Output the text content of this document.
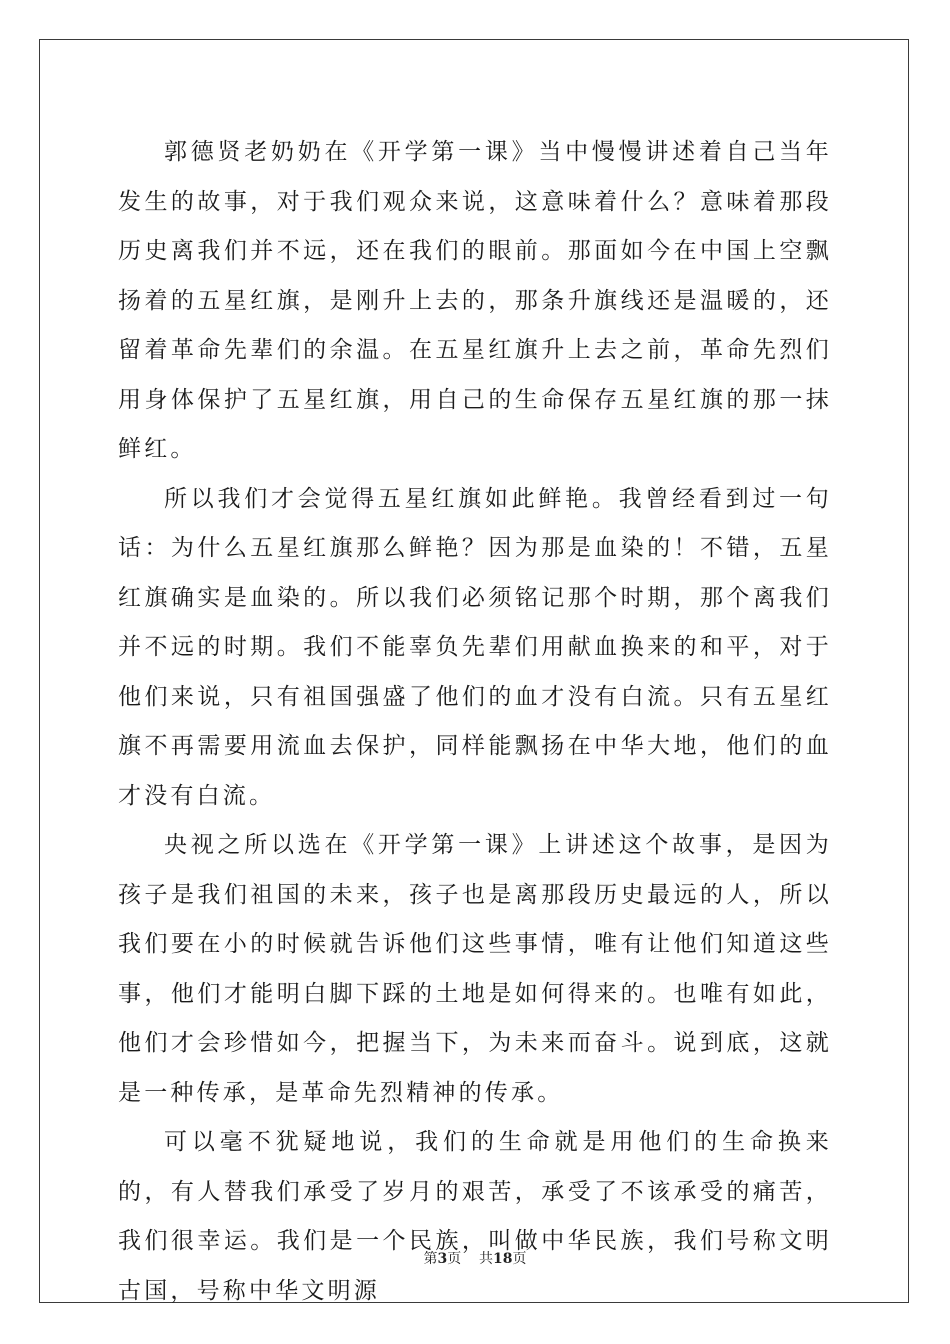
郭德贤老奶奶在《开学第一课》当中慢慢讲述着自己当年发生的故事，对于我们观众来说，这意味着什么？意味着那段历史离我们并不远，还在我们的眼前。那面如今在中国上空飘扬着的五星红旗，是刚升上去的，那条升旗线还是温暖的，还留着革命先辈们的余温。在五星红旗升上去之前，革命先烈们用身体保护了五星红旗，用自己的生命保存五星红旗的那一抹鲜红。

所以我们才会觉得五星红旗如此鲜艳。我曾经看到过一句话：为什么五星红旗那么鲜艳？因为那是血染的！不错，五星红旗确实是血染的。所以我们必须铭记那个时期，那个离我们并不远的时期。我们不能辜负先辈们用献血换来的和平，对于他们来说，只有祖国强盛了他们的血才没有白流。只有五星红旗不再需要用流血去保护，同样能飘扬在中华大地，他们的血才没有白流。

央视之所以选在《开学第一课》上讲述这个故事，是因为孩子是我们祖国的未来，孩子也是离那段历史最远的人，所以我们要在小的时候就告诉他们这些事情，唯有让他们知道这些事，他们才能明白脚下踩的土地是如何得来的。也唯有如此，他们才会珍惜如今，把握当下，为未来而奋斗。说到底，这就是一种传承，是革命先烈精神的传承。

可以毫不犹疑地说，我们的生命就是用他们的生命换来的，有人替我们承受了岁月的艰苦，承受了不该承受的痛苦，我们很幸运。我们是一个民族，叫做中华民族，我们号称文明古国，号称中华文明源

第3页 共18页
